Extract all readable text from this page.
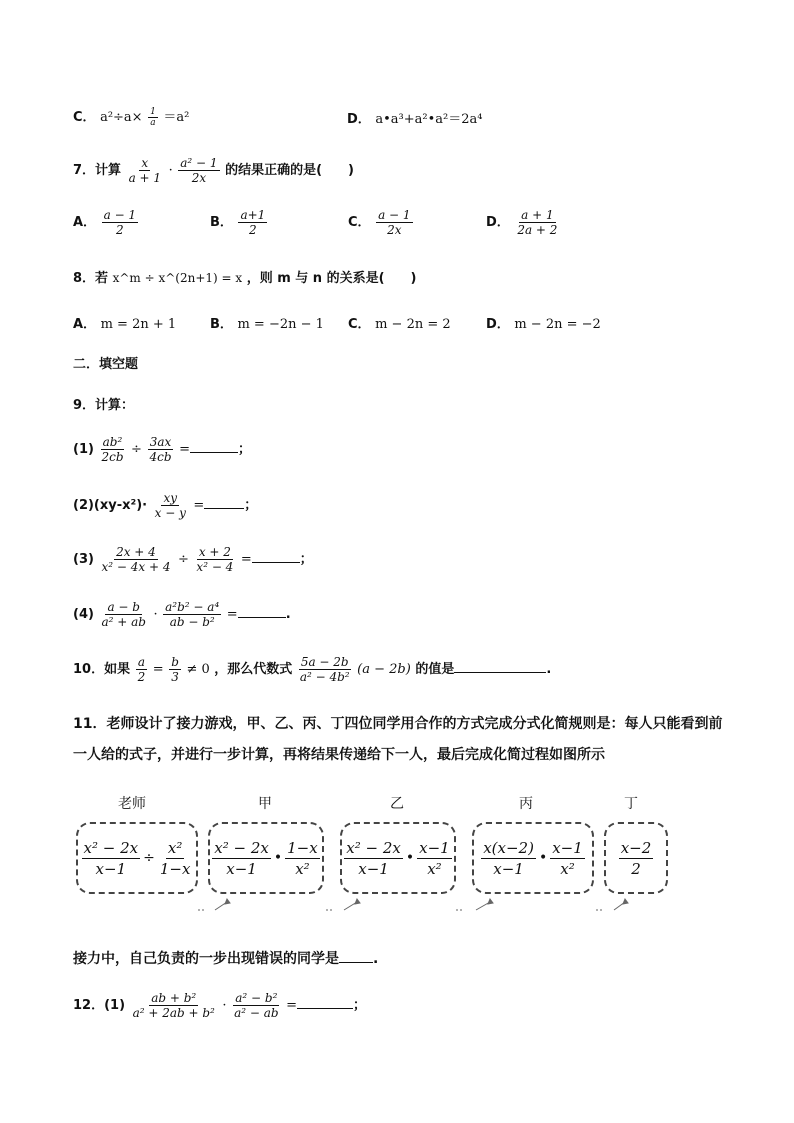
C． $a^2\div a\times \frac{1}{a} =a^2$	D． a•a³+a²•a²＝2a⁴
7．计算 $\frac{x}{a + 1} \cdot \frac{\text{a² − 1}}{2x}$ 的结果正确的是(　　)
A． $\frac{a - 1}{2}$	B． $\frac{a+1}{2}$	C． $\frac{a - 1}{2x}$	D． $\frac{a + 1}{2a + 2}$
8．若 x^m ÷ x^(2n+1) = x ，则 m 与 n 的关系是(　　)
A． m = 2n + 1	B． m = −2n − 1 C． m − 2n = 2	D． m − 2n = −2
二．填空题
9．计算：
$(1) \frac{\text{ab²}}{2cb} \div \frac{3ax}{4cb}$ =	；
$(2)(xy-x^2)\cdot \frac{xy}{x - y}$ =	；
$(3) \frac{2x + 4}{\text{x² − 4x + 4}} \div \frac{x + 2}{\text{x² − 4}}$ =	；
$(4) \frac{a - b}{\text{a² + ab}} \cdot \frac{\text{a²b² − a⁴}}{\text{ab − b²}}$ =	.
10．如果 $\frac{a}{2} = \frac{b}{3} \ne 0$ ，那么代数式 $\frac{5a - 2b}{\text{a² − 4b²}} (a - 2b)$ 的值是	.
11．老师设计了接力游戏，甲、乙、丙、丁四位同学用合作的方式完成分式化简规则是：每人只能看到前
一人给的式子，并进行一步计算，再将结果传递给下一人，最后完成化简过程如图所示
老师	甲	乙	丙	丁
$\frac{\text{x² − 2x}}{x-1} \div \frac{\text{x²}}{1-x} x^2 - 2x$
x−1
•
1−x
x²
x² − 2x
x−1
•
x−1
x²
x(x−2)
x−1
•
x−1
x²
x−2
2
接力中，自己负责的一步出现错误的同学是 .
12．$(1) \frac{\text{ab + b²}}{\text{a² + 2ab + b²}} \cdot \frac{\text{a² − b²}}{\text{a² − ab}}$ =	；
